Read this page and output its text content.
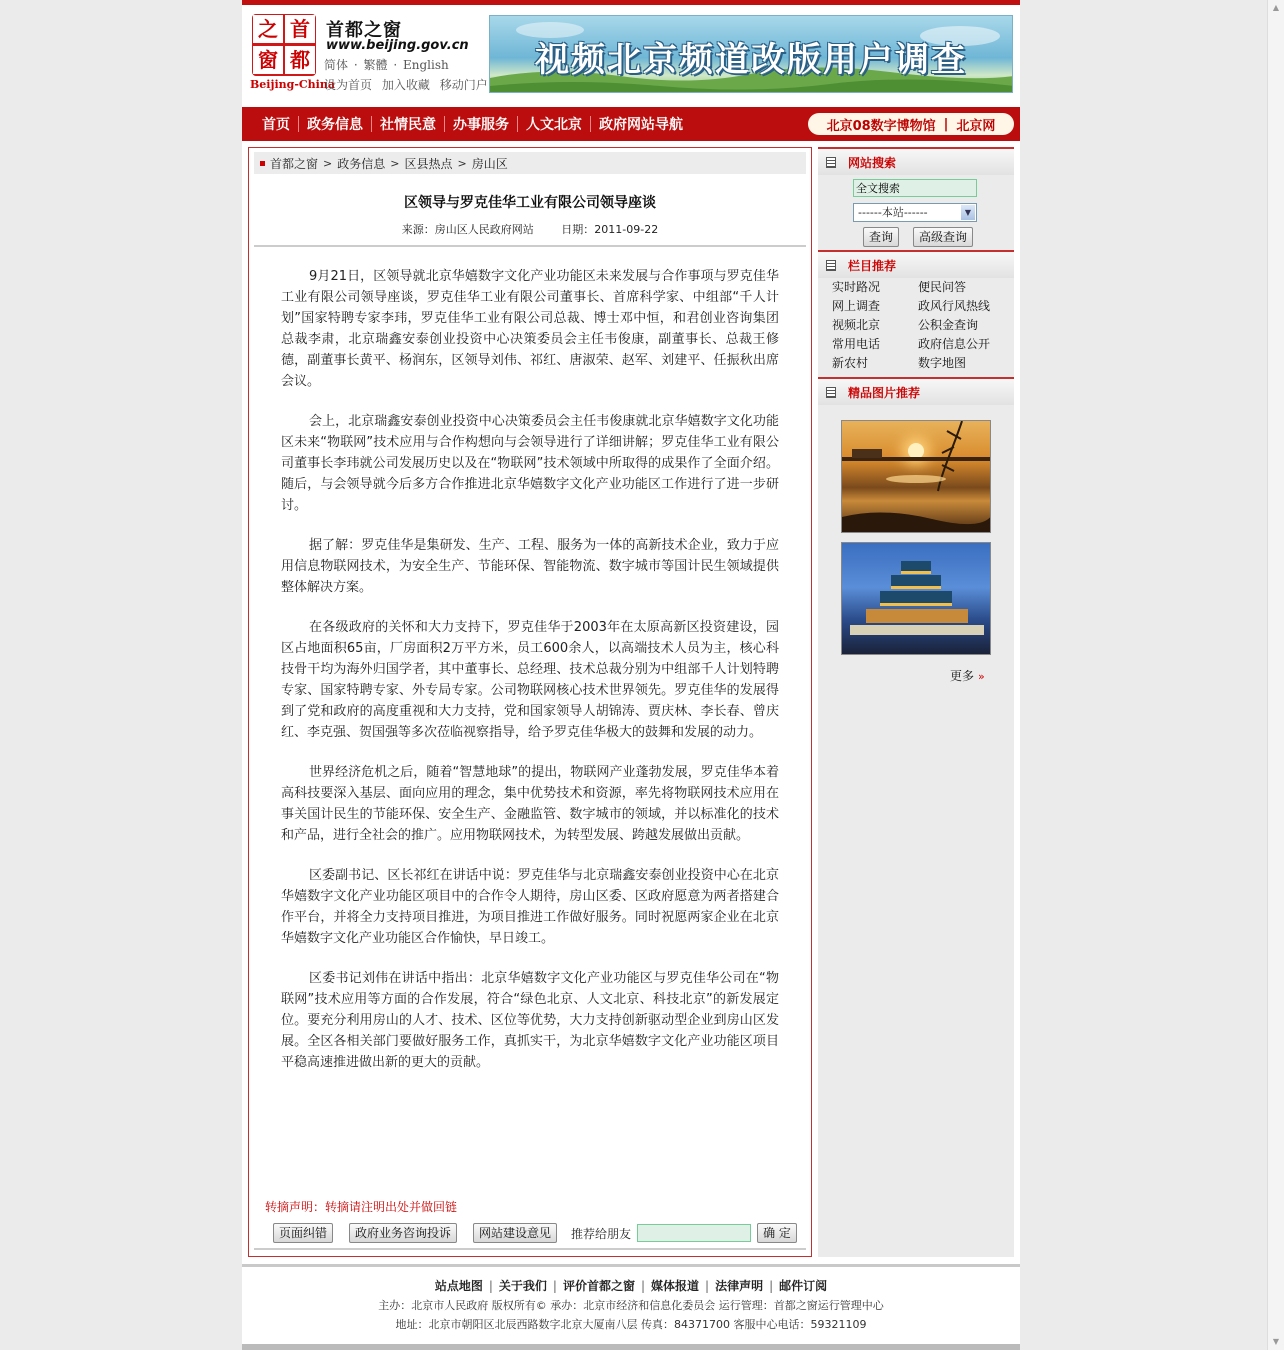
之 首
窗 都
Beijing-China
首都之窗
www.beijing.gov.cn
简体 · 繁體 · English
设为首页 加入收藏 移动门户
视频北京频道改版用户调查
首页	政务信息	社情民意	办事服务	人文北京	政府网站导航	北京08数字博物馆 | 北京网
首都之窗 > 政务信息 > 区县热点 > 房山区
区领导与罗克佳华工业有限公司领导座谈
来源：房山区人民政府网站	日期：2011-09-22

9月21日，区领导就北京华嬉数字文化产业功能区未来发展与合作事项与罗克佳华工业有限公司领导座谈，罗克佳华工业有限公司董事长、首席科学家、中组部“千人计划”国家特聘专家李玮，罗克佳华工业有限公司总裁、博士邓中恒，和君创业咨询集团总裁李肃，北京瑞鑫安泰创业投资中心决策委员会主任韦俊康，副董事长、总裁王修德，副董事长黄平、杨润东，区领导刘伟、祁红、唐淑荣、赵军、刘建平、任振秋出席会议。

会上，北京瑞鑫安泰创业投资中心决策委员会主任韦俊康就北京华嬉数字文化功能区未来“物联网”技术应用与合作构想向与会领导进行了详细讲解；罗克佳华工业有限公司董事长李玮就公司发展历史以及在“物联网”技术领域中所取得的成果作了全面介绍。随后，与会领导就今后多方合作推进北京华嬉数字文化产业功能区工作进行了进一步研讨。

据了解：罗克佳华是集研发、生产、工程、服务为一体的高新技术企业，致力于应用信息物联网技术，为安全生产、节能环保、智能物流、数字城市等国计民生领域提供整体解决方案。

在各级政府的关怀和大力支持下，罗克佳华于2003年在太原高新区投资建设，园区占地面积65亩，厂房面积2万平方米，员工600余人，以高端技术人员为主，核心科技骨干均为海外归国学者，其中董事长、总经理、技术总裁分别为中组部千人计划特聘专家、国家特聘专家、外专局专家。公司物联网核心技术世界领先。罗克佳华的发展得到了党和政府的高度重视和大力支持，党和国家领导人胡锦涛、贾庆林、李长春、曾庆红、李克强、贺国强等多次莅临视察指导，给予罗克佳华极大的鼓舞和发展的动力。

世界经济危机之后，随着“智慧地球”的提出，物联网产业蓬勃发展，罗克佳华本着高科技要深入基层、面向应用的理念，集中优势技术和资源，率先将物联网技术应用在事关国计民生的节能环保、安全生产、金融监管、数字城市的领域，并以标准化的技术和产品，进行全社会的推广。应用物联网技术，为转型发展、跨越发展做出贡献。

区委副书记、区长祁红在讲话中说：罗克佳华与北京瑞鑫安泰创业投资中心在北京华嬉数字文化产业功能区项目中的合作令人期待，房山区委、区政府愿意为两者搭建合作平台，并将全力支持项目推进，为项目推进工作做好服务。同时祝愿两家企业在北京华嬉数字文化产业功能区合作愉快，早日竣工。

区委书记刘伟在讲话中指出：北京华嬉数字文化产业功能区与罗克佳华公司在“物联网”技术应用等方面的合作发展，符合“绿色北京、人文北京、科技北京”的新发展定位。要充分利用房山的人才、技术、区位等优势，大力支持创新驱动型企业到房山区发展。全区各相关部门要做好服务工作，真抓实干，为北京华嬉数字文化产业功能区项目平稳高速推进做出新的更大的贡献。

转摘声明：转摘请注明出处并做回链
页面纠错	政府业务咨询投诉	网站建设意见	推荐给朋友	确 定
网站搜索
全文搜索
------本站------	▼
查询	高级查询
栏目推荐
实时路况	便民问答
网上调查	政风行风热线
视频北京	公积金查询
常用电话	政府信息公开
新农村	数字地图
精品图片推荐
更多 »
站点地图 | 关于我们 | 评价首都之窗 | 媒体报道 | 法律声明 | 邮件订阅
主办：北京市人民政府 版权所有© 承办：北京市经济和信息化委员会 运行管理：首都之窗运行管理中心
地址：北京市朝阳区北辰西路数字北京大厦南八层 传真：84371700 客服中心电话：59321109
▲
▼
